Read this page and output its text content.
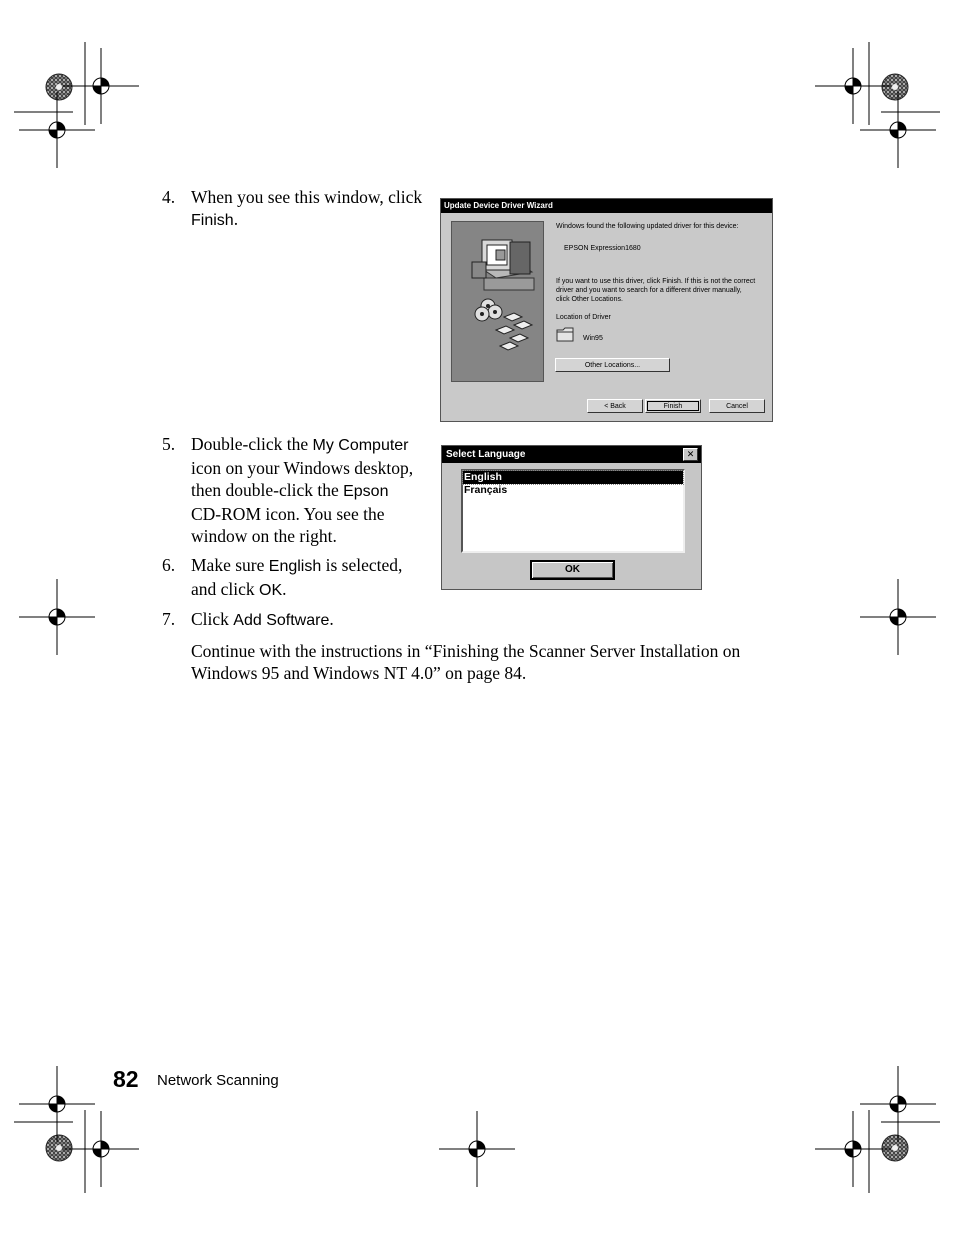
4. When you see this window, click
Finish.
5. Double-click the My Computer
icon on your Windows desktop,
then double-click the Epson
CD-ROM icon. You see the
window on the right.
6. Make sure English is selected,
and click OK.
7. Click Add Software.

Continue with the instructions in “Finishing the Scanner Server Installation on Windows 95 and Windows NT 4.0” on page 84.

Update Device Driver Wizard
Windows found the following updated driver for this device:
EPSON Expression1680
If you want to use this driver, click Finish. If this is not the correct
driver and you want to search for a different driver manually,
click Other Locations.
Location of Driver
Win95
Other Locations...
< Back	Finish	Cancel
Select Language	✕
English
Français
OK
82 Network Scanning
